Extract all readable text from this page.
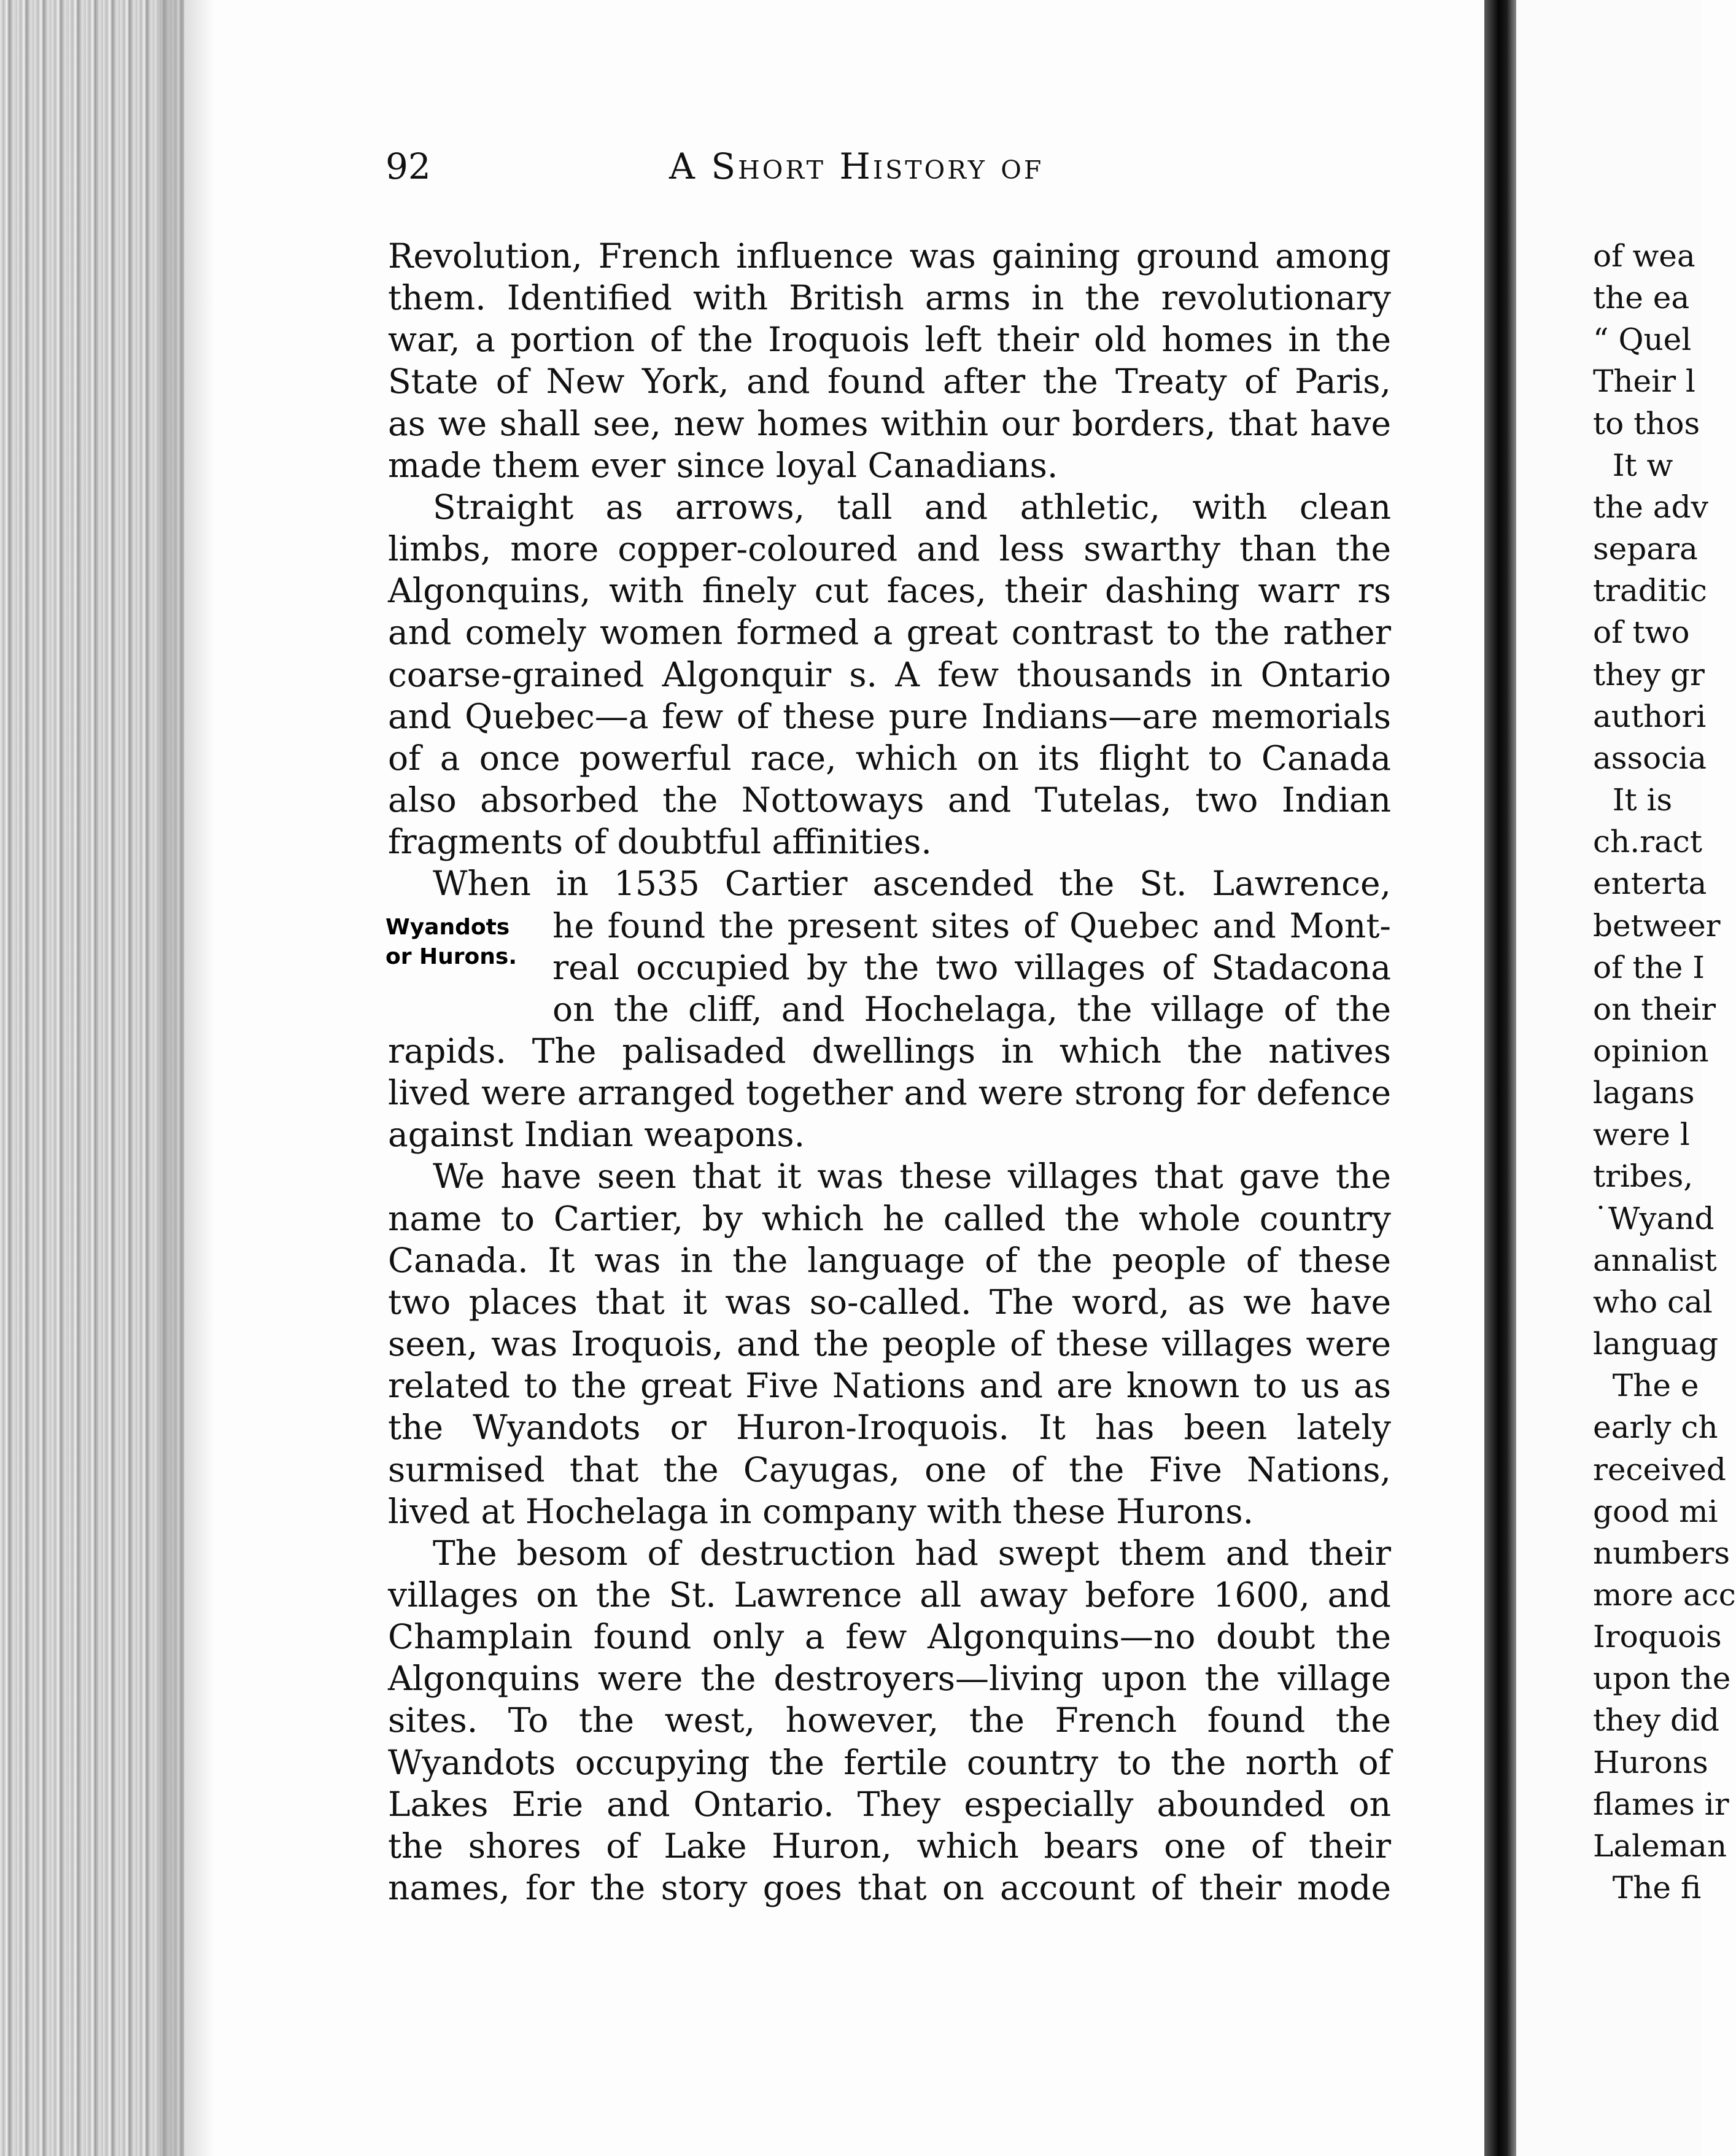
92	A Short History of
Wyandots
or Hurons.
Revolution, French influence was gaining ground among
them. Identified with British arms in the revolutionary
war, a portion of the Iroquois left their old homes in the
State of New York, and found after the Treaty of Paris,
as we shall see, new homes within our borders, that have
made them ever since loyal Canadians.
Straight as arrows, tall and athletic, with clean
limbs, more copper-coloured and less swarthy than the
Algonquins, with finely cut faces, their dashing warr rs
and comely women formed a great contrast to the rather
coarse-grained Algonquir s. A few thousands in Ontario
and Quebec—a few of these pure Indians—are memorials
of a once powerful race, which on its flight to Canada
also absorbed the Nottoways and Tutelas, two Indian
fragments of doubtful affinities.
When in 1535 Cartier ascended the St. Lawrence,
he found the present sites of Quebec and Mont-
real occupied by the two villages of Stadacona
on the cliff, and Hochelaga, the village of the
rapids. The palisaded dwellings in which the natives
lived were arranged together and were strong for defence
against Indian weapons.
We have seen that it was these villages that gave the
name to Cartier, by which he called the whole country
Canada. It was in the language of the people of these
two places that it was so-called. The word, as we have
seen, was Iroquois, and the people of these villages were
related to the great Five Nations and are known to us as
the Wyandots or Huron-Iroquois. It has been lately
surmised that the Cayugas, one of the Five Nations,
lived at Hochelaga in company with these Hurons.
The besom of destruction had swept them and their
villages on the St. Lawrence all away before 1600, and
Champlain found only a few Algonquins—no doubt the
Algonquins were the destroyers—living upon the village
sites. To the west, however, the French found the
Wyandots occupying the fertile country to the north of
Lakes Erie and Ontario. They especially abounded on
the shores of Lake Huron, which bears one of their
names, for the story goes that on account of their mode
of wea
the ea
“ Quel
Their l
to thos
It w
the adv
separa
traditic
of two
they gr
authori
associa
It is
ch.ract
enterta
betweer
of the I
on their
opinion
lagans
were l
tribes,
˙Wyand
annalist
who cal
languag
The e
early ch
received
good mi
numbers
more acc
Iroquois
upon the
they did
Hurons
flames ir
Laleman
The fi
